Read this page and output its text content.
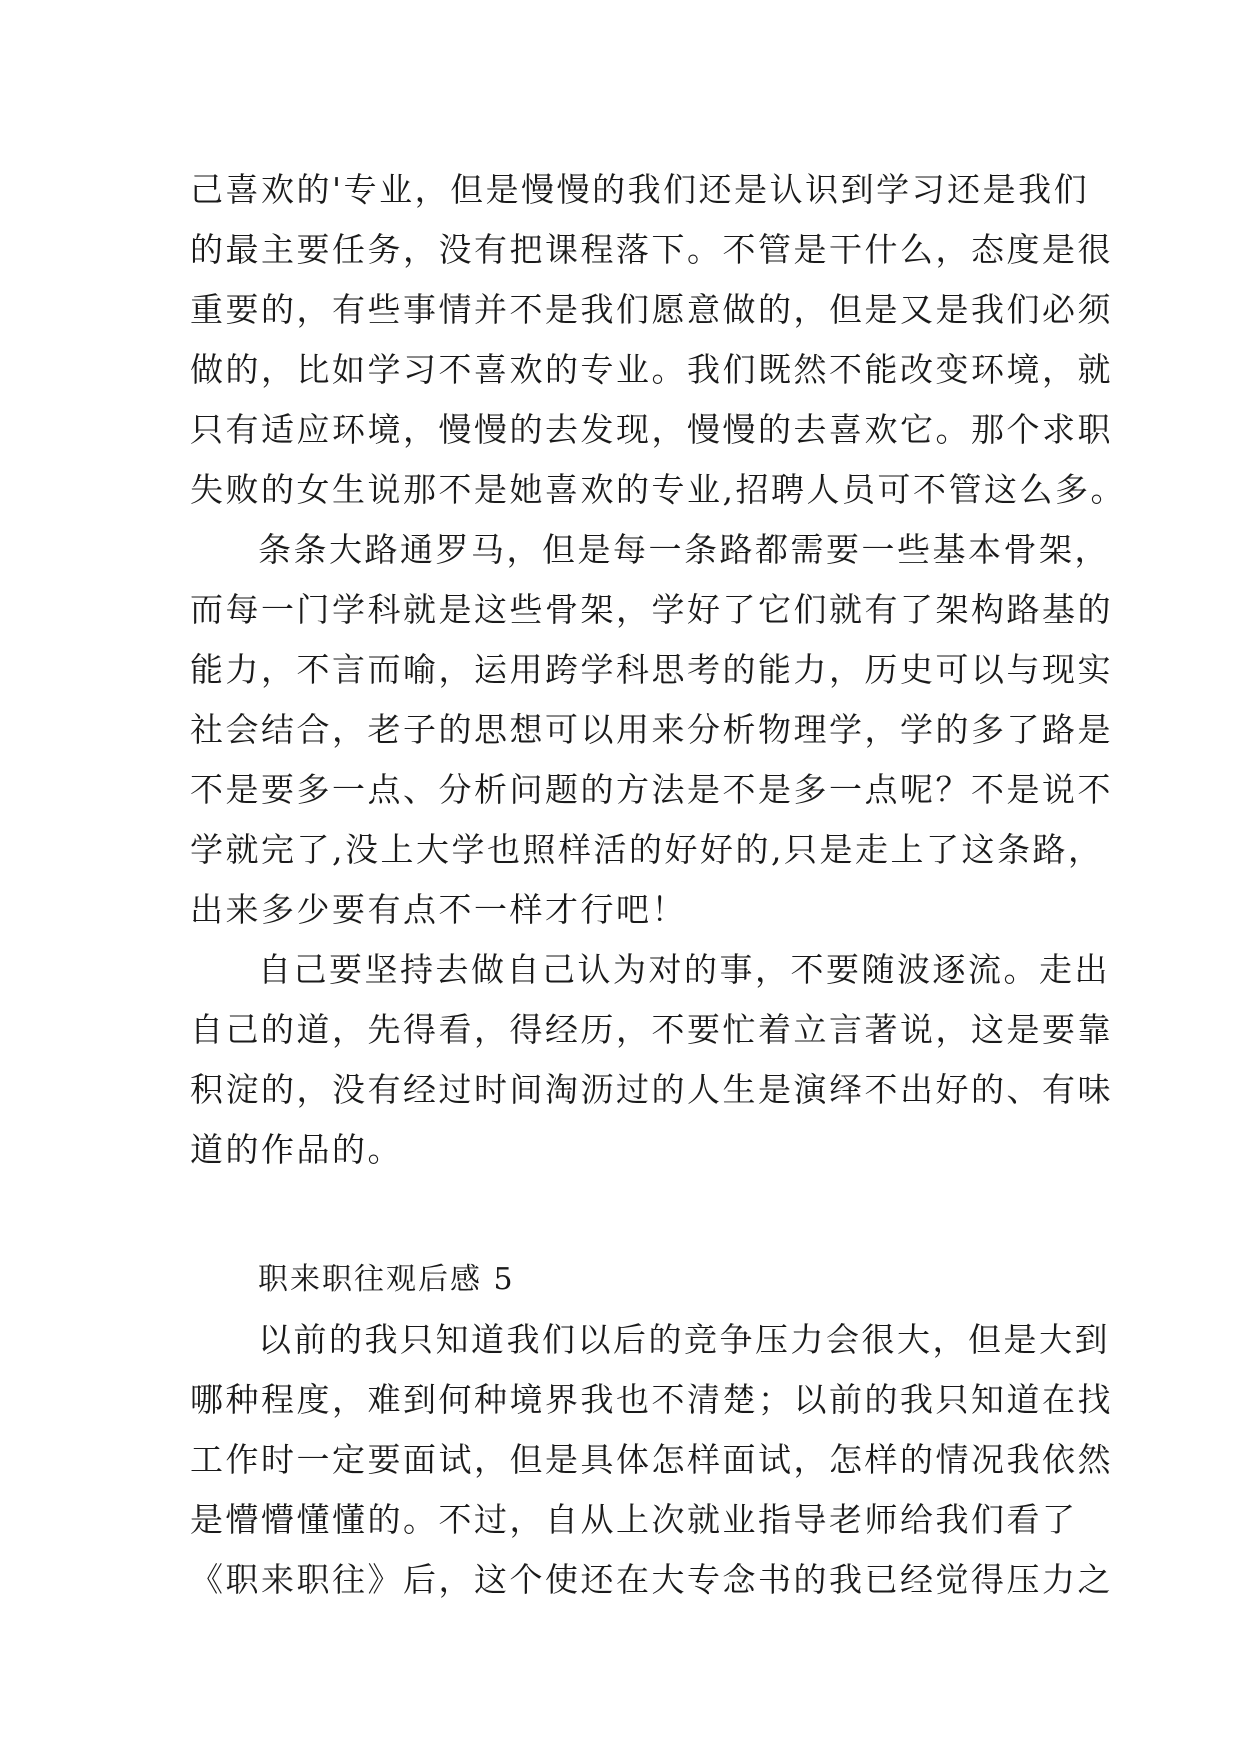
己喜欢的'专业，但是慢慢的我们还是认识到学习还是我们
的最主要任务，没有把课程落下。不管是干什么，态度是很
重要的，有些事情并不是我们愿意做的，但是又是我们必须
做的，比如学习不喜欢的专业。我们既然不能改变环境，就
只有适应环境，慢慢的去发现，慢慢的去喜欢它。那个求职
失败的女生说那不是她喜欢的专业,招聘人员可不管这么多。
条条大路通罗马，但是每一条路都需要一些基本骨架，
而每一门学科就是这些骨架，学好了它们就有了架构路基的
能力，不言而喻，运用跨学科思考的能力，历史可以与现实
社会结合，老子的思想可以用来分析物理学，学的多了路是
不是要多一点、分析问题的方法是不是多一点呢？不是说不
学就完了,没上大学也照样活的好好的,只是走上了这条路，
出来多少要有点不一样才行吧！
自己要坚持去做自己认为对的事，不要随波逐流。走出
自己的道，先得看，得经历，不要忙着立言著说，这是要靠
积淀的，没有经过时间淘沥过的人生是演绎不出好的、有味
道的作品的。
职来职往观后感 5
以前的我只知道我们以后的竞争压力会很大，但是大到
哪种程度，难到何种境界我也不清楚；以前的我只知道在找
工作时一定要面试，但是具体怎样面试，怎样的情况我依然
是懵懵懂懂的。不过，自从上次就业指导老师给我们看了
《职来职往》后，这个使还在大专念书的我已经觉得压力之
